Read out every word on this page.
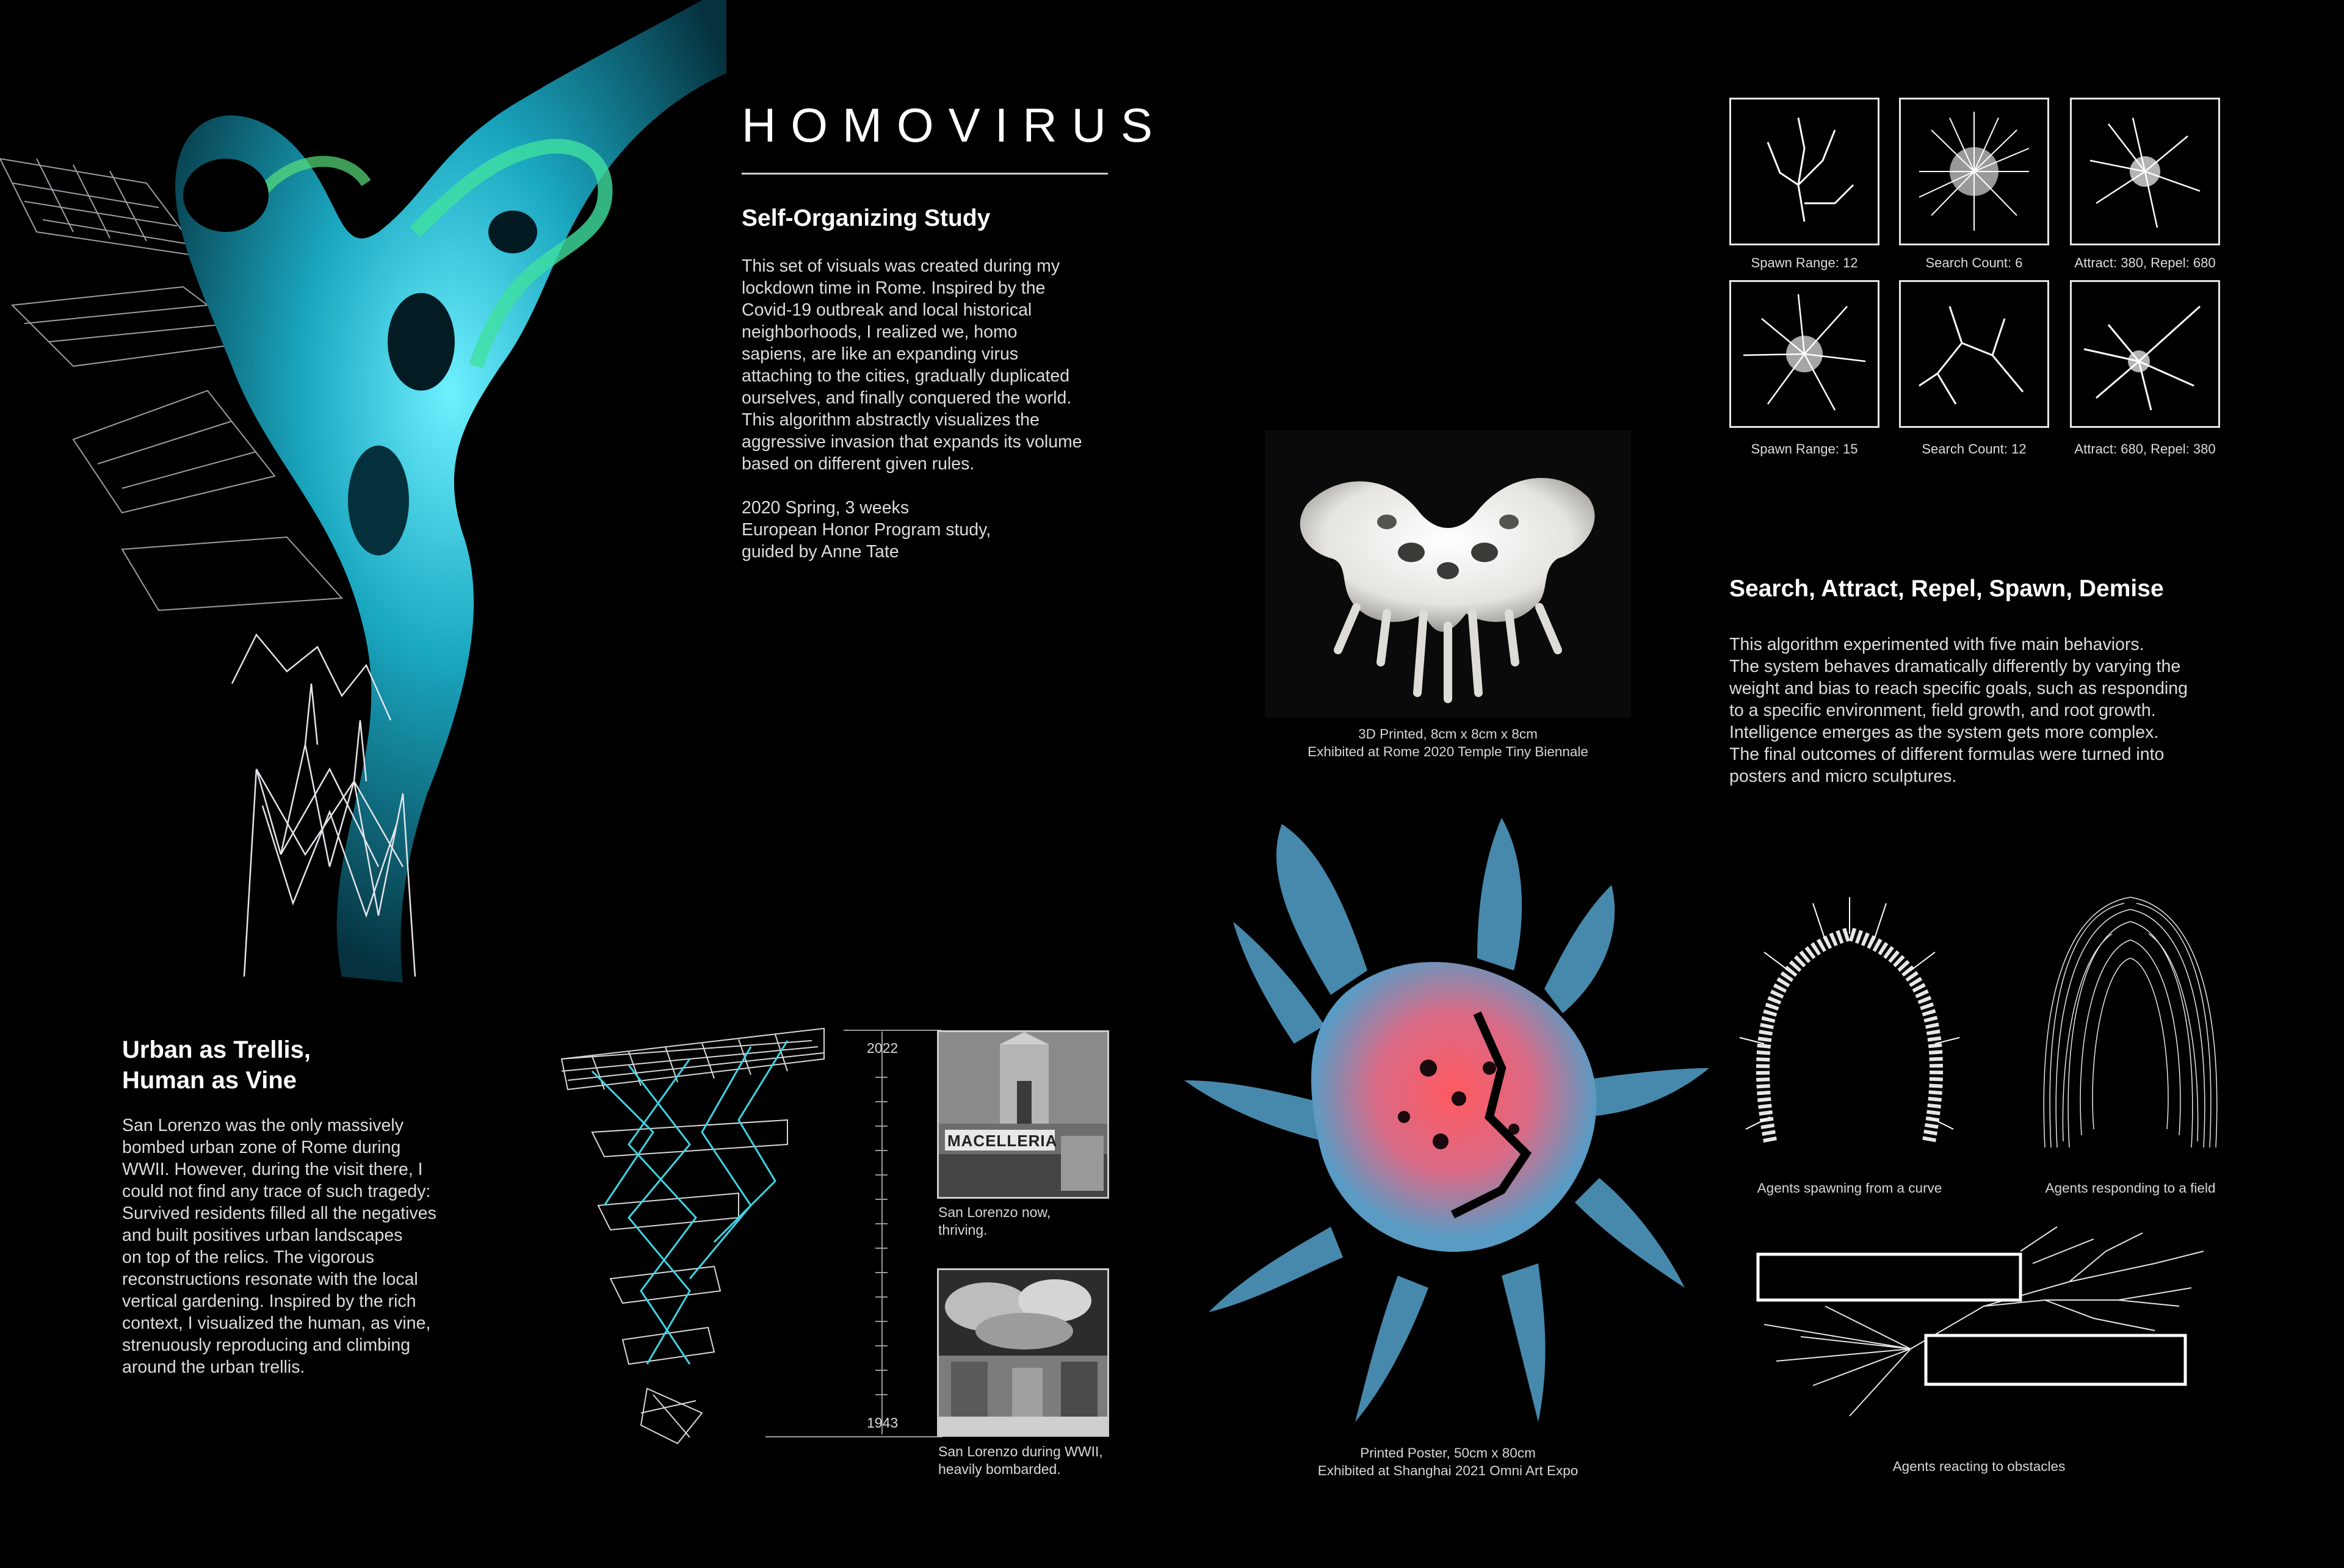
HOMOVIRUS
Self-Organizing Study
This set of visuals was created during my
lockdown time in Rome. Inspired by the
Covid-19 outbreak and local historical
neighborhoods, I realized we, homo
sapiens, are like an expanding virus
attaching to the cities, gradually duplicated
ourselves, and finally conquered the world.
This algorithm abstractly visualizes the
aggressive invasion that expands its volume
based on different given rules.
2020 Spring, 3 weeks
European Honor Program study,
guided by Anne Tate
Urban as Trellis,
Human as Vine
San Lorenzo was the only massively
bombed urban zone of Rome during
WWII. However, during the visit there, I
could not find any trace of such tragedy:
Survived residents filled all the negatives
and built positives urban landscapes
on top of the relics. The vigorous
reconstructions resonate with the local
vertical gardening. Inspired by the rich
context, I visualized the human, as vine,
strenuously reproducing and climbing
around the urban trellis.
2022
1943
MACELLERIA
San Lorenzo now,
thriving.
San Lorenzo during WWII,
heavily bombarded.
3D Printed, 8cm x 8cm x 8cm
Exhibited at Rome 2020 Temple Tiny Biennale
Printed Poster, 50cm x 80cm
Exhibited at Shanghai 2021 Omni Art Expo
Spawn Range: 12	Search Count: 6	Attract: 380, Repel: 680
Spawn Range: 15	Search Count: 12	Attract: 680, Repel: 380
Search, Attract, Repel, Spawn, Demise
This algorithm experimented with five main behaviors.
The system behaves dramatically differently by varying the
weight and bias to reach specific goals, such as responding
to a specific environment, field growth, and root growth.
Intelligence emerges as the system gets more complex.
The final outcomes of different formulas were turned into
posters and micro sculptures.
Agents spawning from a curve	Agents responding to a field
Agents reacting to obstacles
